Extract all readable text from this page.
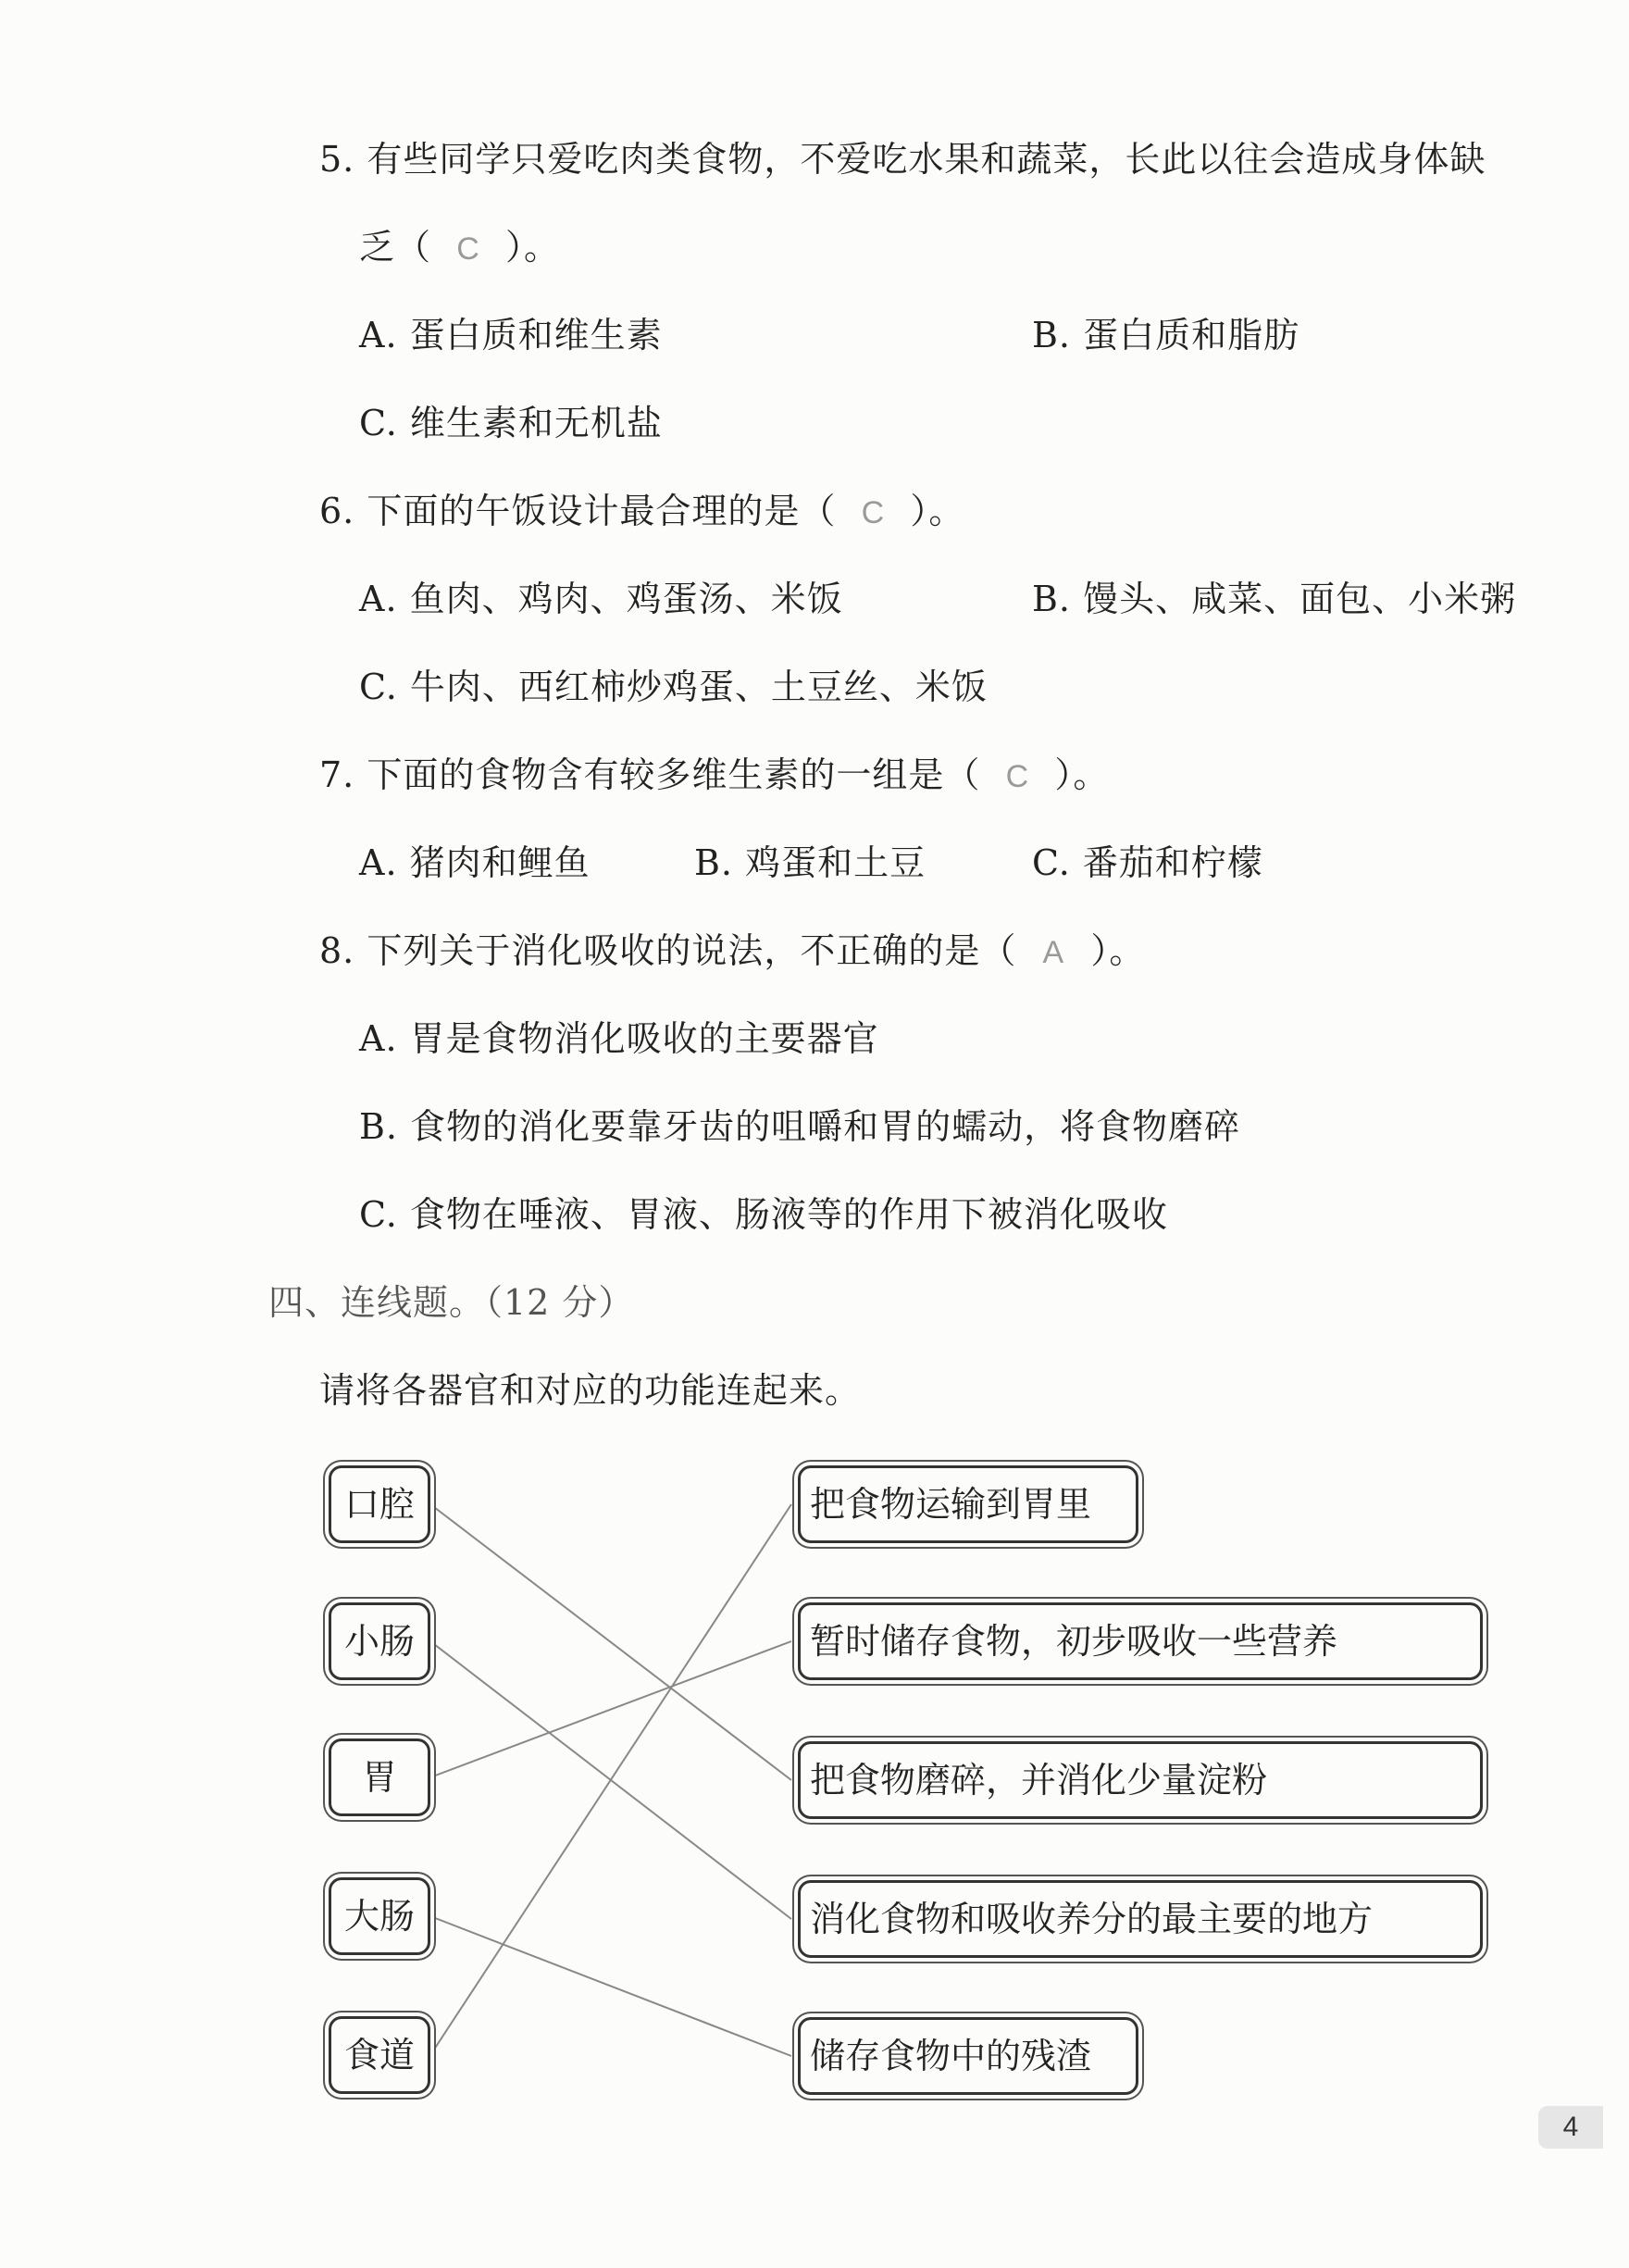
5. 有些同学只爱吃肉类食物，不爱吃水果和蔬菜，长此以往会造成身体缺
乏（ C ）。
A. 蛋白质和维生素	B. 蛋白质和脂肪
C. 维生素和无机盐
6. 下面的午饭设计最合理的是（ C ）。
A. 鱼肉、鸡肉、鸡蛋汤、米饭	B. 馒头、咸菜、面包、小米粥
C. 牛肉、西红柿炒鸡蛋、土豆丝、米饭
7. 下面的食物含有较多维生素的一组是（ C ）。
A. 猪肉和鲤鱼	B. 鸡蛋和土豆	C. 番茄和柠檬
8. 下列关于消化吸收的说法，不正确的是（ A ）。
A. 胃是食物消化吸收的主要器官
B. 食物的消化要靠牙齿的咀嚼和胃的蠕动，将食物磨碎
C. 食物在唾液、胃液、肠液等的作用下被消化吸收
四、连线题。（12 分）
请将各器官和对应的功能连起来。
口腔
小肠
胃
大肠
食道
把食物运输到胃里
暂时储存食物，初步吸收一些营养
把食物磨碎，并消化少量淀粉
消化食物和吸收养分的最主要的地方
储存食物中的残渣
4
